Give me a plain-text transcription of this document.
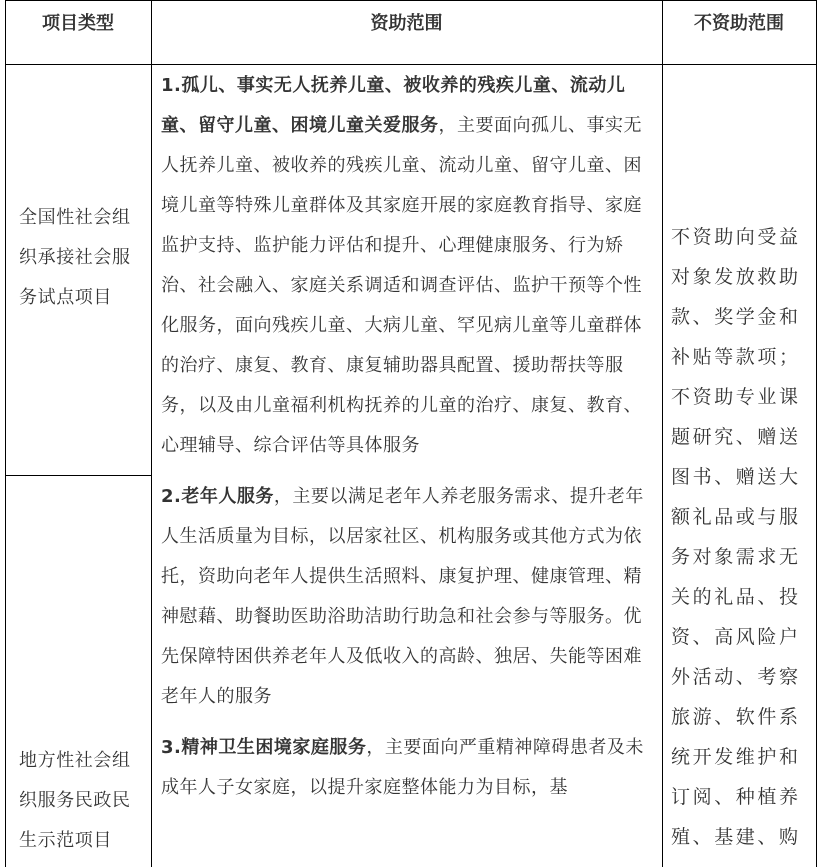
项目类型	资助范围	不资助范围
全国性社会组织承接社会服务试点项目
地方性社会组织服务民政民生示范项目

1.孤儿、事实无人抚养儿童、被收养的残疾儿童、流动儿童、留守儿童、困境儿童关爱服务，主要面向孤儿、事实无人抚养儿童、被收养的残疾儿童、流动儿童、留守儿童、困境儿童等特殊儿童群体及其家庭开展的家庭教育指导、家庭监护支持、监护能力评估和提升、心理健康服务、行为矫治、社会融入、家庭关系调适和调查评估、监护干预等个性化服务，面向残疾儿童、大病儿童、罕见病儿童等儿童群体的治疗、康复、教育、康复辅助器具配置、援助帮扶等服务，以及由儿童福利机构抚养的儿童的治疗、康复、教育、心理辅导、综合评估等具体服务

2.老年人服务，主要以满足老年人养老服务需求、提升老年人生活质量为目标，以居家社区、机构服务或其他方式为依托，资助向老年人提供生活照料、康复护理、健康管理、精神慰藉、助餐助医助浴助洁助行助急和社会参与等服务。优先保障特困供养老年人及低收入的高龄、独居、失能等困难老年人的服务

3.精神卫生困境家庭服务，主要面向严重精神障碍患者及未成年人子女家庭，以提升家庭整体能力为目标，基

不资助向受益对象发放救助款、奖学金和补贴等款项；不资助专业课题研究、赠送图书、赠送大额礼品或与服务对象需求无关的礼品、投资、高风险户外活动、考察旅游、软件系统开发维护和订阅、种植养殖、基建、购
